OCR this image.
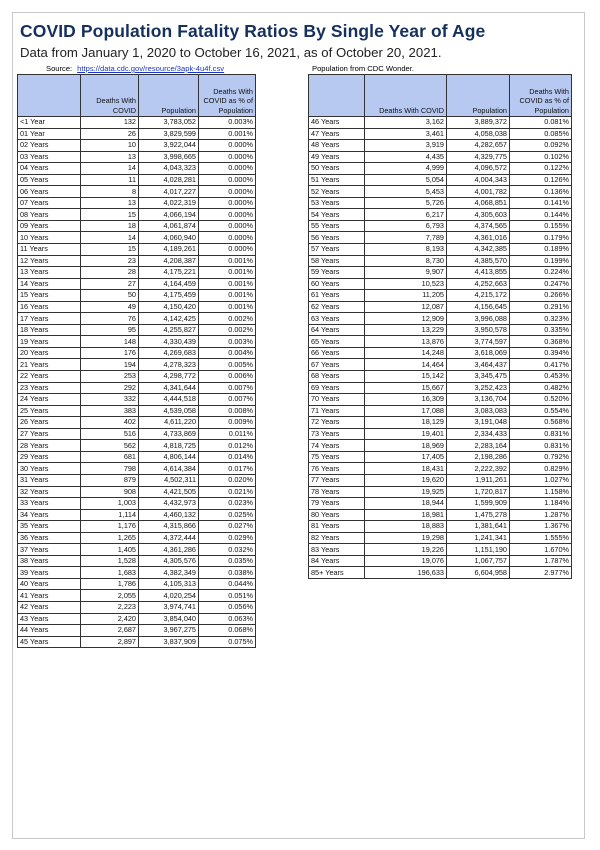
COVID Population Fatality Ratios By Single Year of Age
Data from January 1, 2020 to October 16, 2021, as of October 20, 2021.
Source: https://data.cdc.gov/resource/3apk-4u4f.csv	Population from CDC Wonder.
	Deaths With COVID	Population	Deaths With COVID as % of Population
<1 Year	132	3,783,052	0.003%
01 Year	26	3,829,599	0.001%
02 Years	10	3,922,044	0.000%
03 Years	13	3,998,665	0.000%
04 Years	14	4,043,323	0.000%
05 Years	11	4,028,281	0.000%
06 Years	8	4,017,227	0.000%
07 Years	13	4,022,319	0.000%
08 Years	15	4,066,194	0.000%
09 Years	18	4,061,874	0.000%
10 Years	14	4,060,940	0.000%
11 Years	15	4,189,261	0.000%
12 Years	23	4,208,387	0.001%
13 Years	28	4,175,221	0.001%
14 Years	27	4,164,459	0.001%
15 Years	50	4,175,459	0.001%
16 Years	49	4,150,420	0.001%
17 Years	76	4,142,425	0.002%
18 Years	95	4,255,827	0.002%
19 Years	148	4,330,439	0.003%
20 Years	176	4,269,683	0.004%
21 Years	194	4,278,323	0.005%
22 Years	253	4,298,772	0.006%
23 Years	292	4,341,644	0.007%
24 Years	332	4,444,518	0.007%
25 Years	383	4,539,058	0.008%
26 Years	402	4,611,220	0.009%
27 Years	516	4,733,869	0.011%
28 Years	562	4,818,725	0.012%
29 Years	681	4,806,144	0.014%
30 Years	798	4,614,384	0.017%
31 Years	879	4,502,311	0.020%
32 Years	908	4,421,505	0.021%
33 Years	1,003	4,432,973	0.023%
34 Years	1,114	4,460,132	0.025%
35 Years	1,176	4,315,866	0.027%
36 Years	1,265	4,372,444	0.029%
37 Years	1,405	4,361,286	0.032%
38 Years	1,528	4,305,576	0.035%
39 Years	1,683	4,382,349	0.038%
40 Years	1,786	4,105,313	0.044%
41 Years	2,055	4,020,254	0.051%
42 Years	2,223	3,974,741	0.056%
43 Years	2,420	3,854,040	0.063%
44 Years	2,687	3,967,275	0.068%
45 Years	2,897	3,837,909	0.075%
	Deaths With COVID	Population	Deaths With COVID as % of Population
46 Years	3,162	3,889,372	0.081%
47 Years	3,461	4,058,038	0.085%
48 Years	3,919	4,282,657	0.092%
49 Years	4,435	4,329,775	0.102%
50 Years	4,999	4,096,572	0.122%
51 Years	5,054	4,004,343	0.126%
52 Years	5,453	4,001,782	0.136%
53 Years	5,726	4,068,851	0.141%
54 Years	6,217	4,305,603	0.144%
55 Years	6,793	4,374,565	0.155%
56 Years	7,789	4,361,016	0.179%
57 Years	8,193	4,342,385	0.189%
58 Years	8,730	4,385,570	0.199%
59 Years	9,907	4,413,855	0.224%
60 Years	10,523	4,252,663	0.247%
61 Years	11,205	4,215,172	0.266%
62 Years	12,087	4,156,645	0.291%
63 Years	12,909	3,996,088	0.323%
64 Years	13,229	3,950,578	0.335%
65 Years	13,876	3,774,597	0.368%
66 Years	14,248	3,618,069	0.394%
67 Years	14,464	3,464,437	0.417%
68 Years	15,142	3,345,475	0.453%
69 Years	15,667	3,252,423	0.482%
70 Years	16,309	3,136,704	0.520%
71 Years	17,088	3,083,083	0.554%
72 Years	18,129	3,191,048	0.568%
73 Years	19,401	2,334,433	0.831%
74 Years	18,969	2,283,164	0.831%
75 Years	17,405	2,198,286	0.792%
76 Years	18,431	2,222,392	0.829%
77 Years	19,620	1,911,261	1.027%
78 Years	19,925	1,720,817	1.158%
79 Years	18,944	1,599,909	1.184%
80 Years	18,981	1,475,278	1.287%
81 Years	18,883	1,381,641	1.367%
82 Years	19,298	1,241,341	1.555%
83 Years	19,226	1,151,190	1.670%
84 Years	19,076	1,067,757	1.787%
85+ Years	196,633	6,604,958	2.977%
